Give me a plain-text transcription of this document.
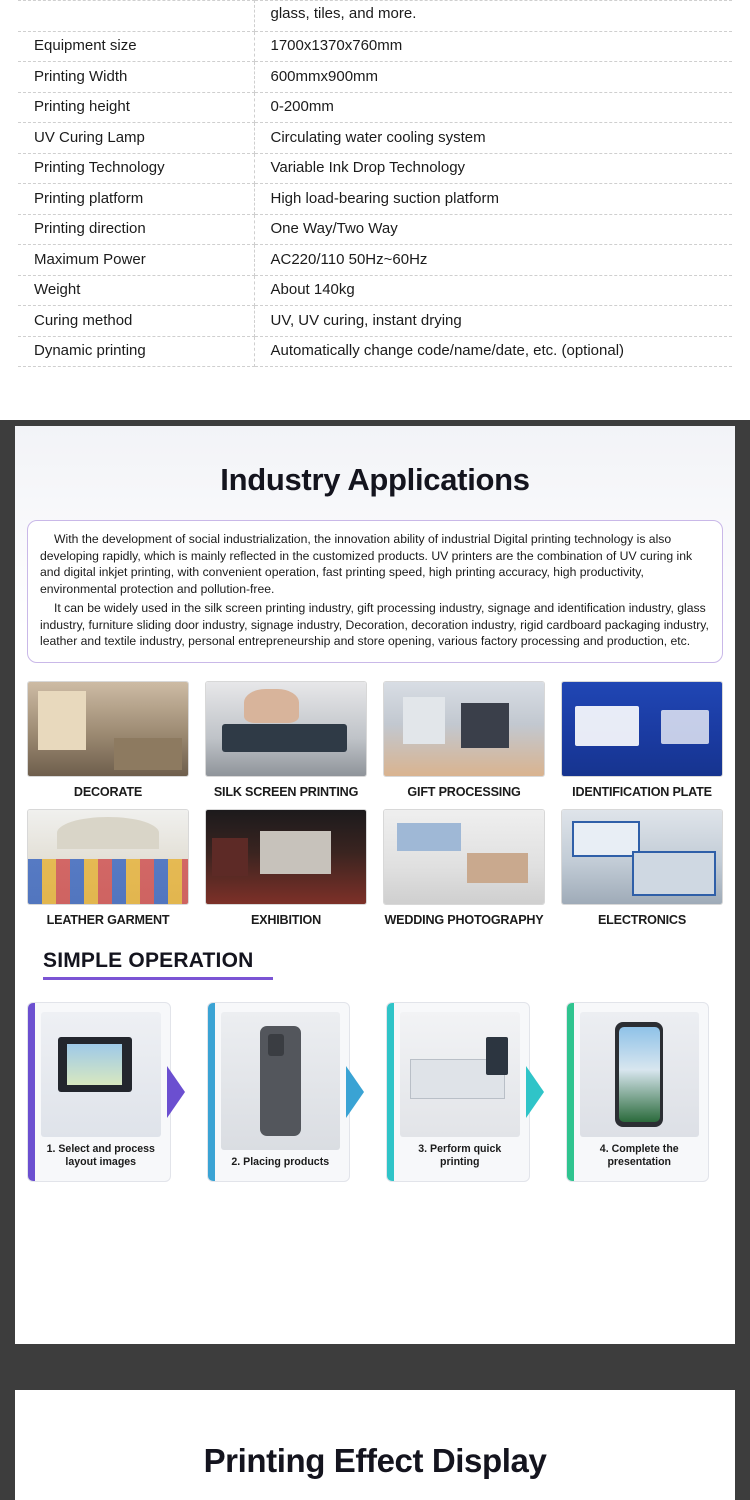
	glass, tiles, and more.
Equipment size	1700x1370x760mm
Printing Width	600mmx900mm
Printing height	0-200mm
UV Curing Lamp	Circulating water cooling system
Printing Technology	Variable Ink Drop Technology
Printing platform	High load-bearing suction platform
Printing direction	One Way/Two Way
Maximum Power	AC220/110 50Hz~60Hz
Weight	About 140kg
Curing method	UV, UV curing, instant drying
Dynamic printing	Automatically change code/name/date, etc. (optional)
Industry Applications

With the development of social industrialization, the innovation ability of industrial Digital printing technology is also developing rapidly, which is mainly reflected in the customized products. UV printers are the combination of UV curing ink and digital inkjet printing, with convenient operation, fast printing speed, high printing accuracy, high productivity, environmental protection and pollution-free.

It can be widely used in the silk screen printing industry, gift processing industry, signage and identification industry, glass industry, furniture sliding door industry, signage industry, Decoration, decoration industry, rigid cardboard packaging industry, leather and textile industry, personal entrepreneurship and store opening, various factory processing and production, etc.

DECORATE	SILK SCREEN PRINTING	GIFT PROCESSING	IDENTIFICATION PLATE
LEATHER GARMENT	EXHIBITION	WEDDING PHOTOGRAPHY	ELECTRONICS
SIMPLE OPERATION
1. Select and process layout images	2. Placing products
3. Perform quick printing
4. Complete the presentation
Printing Effect Display
